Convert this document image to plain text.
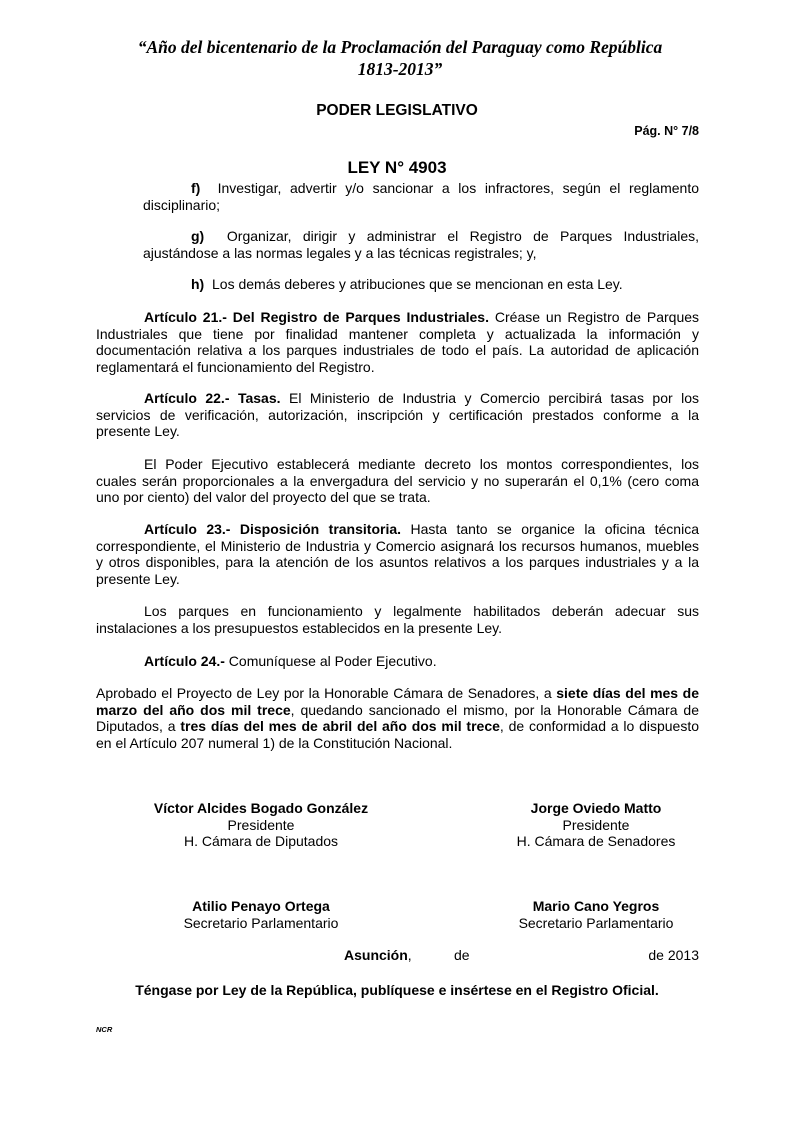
“Año del bicentenario de la Proclamación del Paraguay como República 1813-2013”
PODER LEGISLATIVO
Pág. N° 7/8
LEY N° 4903
f) Investigar, advertir y/o sancionar a los infractores, según el reglamento disciplinario;
g) Organizar, dirigir y administrar el Registro de Parques Industriales, ajustándose a las normas legales y a las técnicas registrales; y,
h) Los demás deberes y atribuciones que se mencionan en esta Ley.
Artículo 21.- Del Registro de Parques Industriales. Créase un Registro de Parques Industriales que tiene por finalidad mantener completa y actualizada la información y documentación relativa a los parques industriales de todo el país. La autoridad de aplicación reglamentará el funcionamiento del Registro.
Artículo 22.- Tasas. El Ministerio de Industria y Comercio percibirá tasas por los servicios de verificación, autorización, inscripción y certificación prestados conforme a la presente Ley.
El Poder Ejecutivo establecerá mediante decreto los montos correspondientes, los cuales serán proporcionales a la envergadura del servicio y no superarán el 0,1% (cero coma uno por ciento) del valor del proyecto del que se trata.
Artículo 23.- Disposición transitoria. Hasta tanto se organice la oficina técnica correspondiente, el Ministerio de Industria y Comercio asignará los recursos humanos, muebles y otros disponibles, para la atención de los asuntos relativos a los parques industriales y a la presente Ley.
Los parques en funcionamiento y legalmente habilitados deberán adecuar sus instalaciones a los presupuestos establecidos en la presente Ley.
Artículo 24.- Comuníquese al Poder Ejecutivo.
Aprobado el Proyecto de Ley por la Honorable Cámara de Senadores, a siete días del mes de marzo del año dos mil trece, quedando sancionado el mismo, por la Honorable Cámara de Diputados, a tres días del mes de abril del año dos mil trece, de conformidad a lo dispuesto en el Artículo 207 numeral 1) de la Constitución Nacional.
Víctor Alcides Bogado González
Presidente
H. Cámara de Diputados
Jorge Oviedo Matto
Presidente
H. Cámara de Senadores
Atilio Penayo Ortega
Secretario Parlamentario
Mario Cano Yegros
Secretario Parlamentario
Asunción,	de	de 2013
Téngase por Ley de la República, publíquese e insértese en el Registro Oficial.
NCR
